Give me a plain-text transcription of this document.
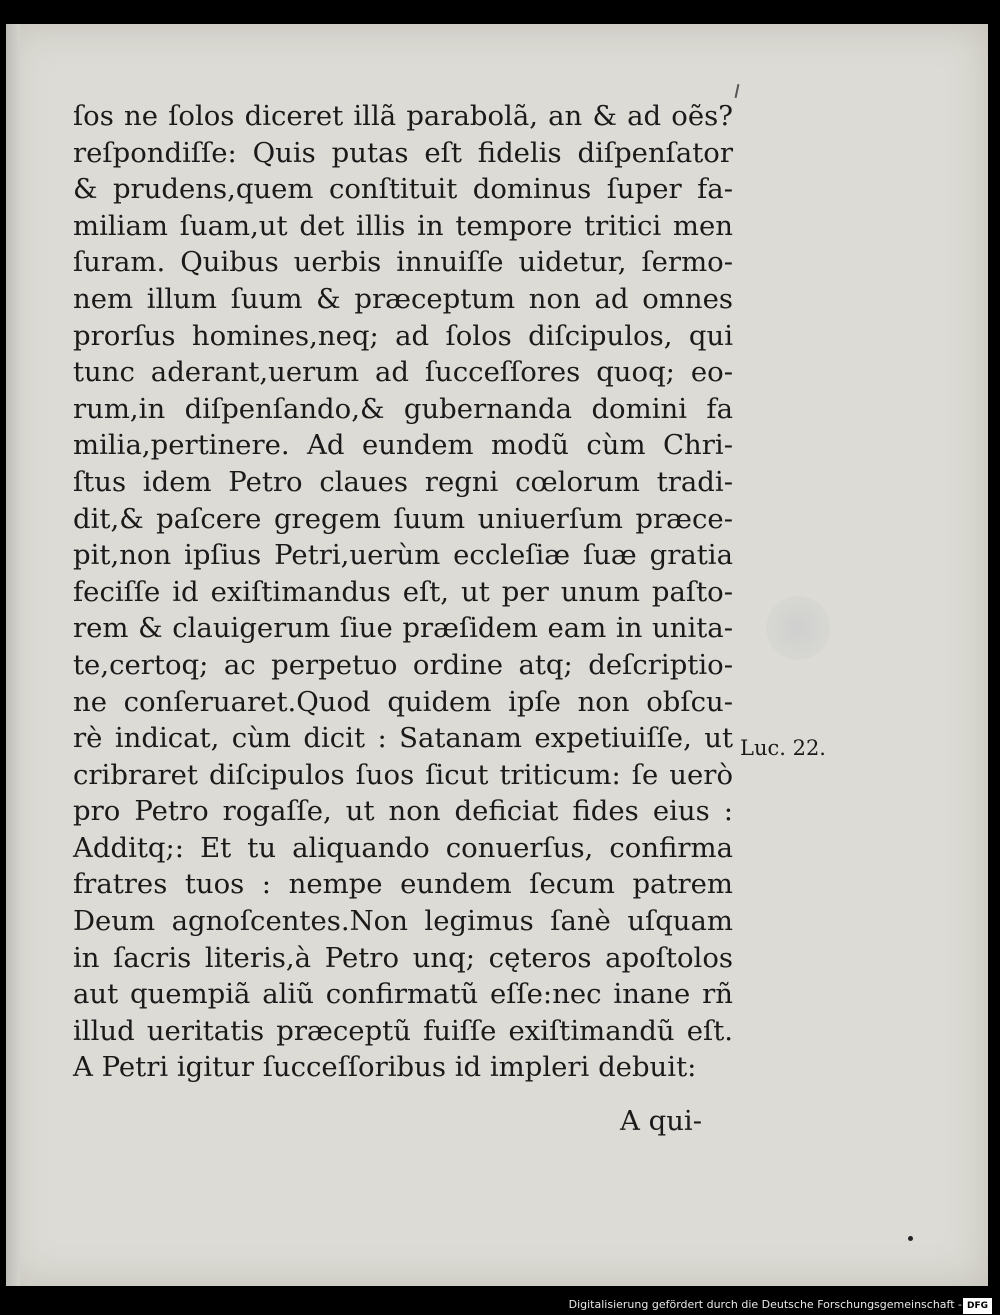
ſos ne ſolos diceret illã parabolã, an & ad oẽs?
reſpondiſſe: Quis putas eſt fidelis diſpenſator
& prudens,quem conſtituit dominus ſuper fa-
miliam ſuam,ut det illis in tempore tritici men
ſuram. Quibus uerbis innuiſſe uidetur, ſermo-
nem illum ſuum & præceptum non ad omnes
prorſus homines,neq; ad ſolos diſcipulos, qui
tunc aderant,uerum ad ſucceſſores quoq; eo-
rum,in diſpenſando,& gubernanda domini fa
milia,pertinere. Ad eundem modũ cùm Chri-
ſtus idem Petro claues regni cœlorum tradi-
dit,& paſcere gregem ſuum uniuerſum præce-
pit,non ipſius Petri,uerùm eccleſiæ ſuæ gratia
feciſſe id exiſtimandus eſt, ut per unum paſto-
rem & clauigerum ſiue præſidem eam in unita-
te,certoq; ac perpetuo ordine atq; deſcriptio-
ne conſeruaret.Quod quidem ipſe non obſcu-
rè indicat, cùm dicit : Satanam expetiuiſſe, ut
cribraret diſcipulos ſuos ſicut triticum: ſe uerò
pro Petro rogaſſe, ut non deficiat fides eius :
Additq;: Et tu aliquando conuerſus, confirma
fratres tuos : nempe eundem ſecum patrem
Deum agnoſcentes.Non legimus ſanè uſquam
in ſacris literis,à Petro unq; cęteros apoſtolos
aut quempiã aliũ confirmatũ eſſe:nec inane rñ
illud ueritatis præceptũ fuiſſe exiſtimandũ eſt.
A Petri igitur ſucceſſoribus id impleri debuit:
A qui-
Luc. 22.
Digitalisierung gefördert durch die Deutsche Forschungsgemeinschaft - DFG
